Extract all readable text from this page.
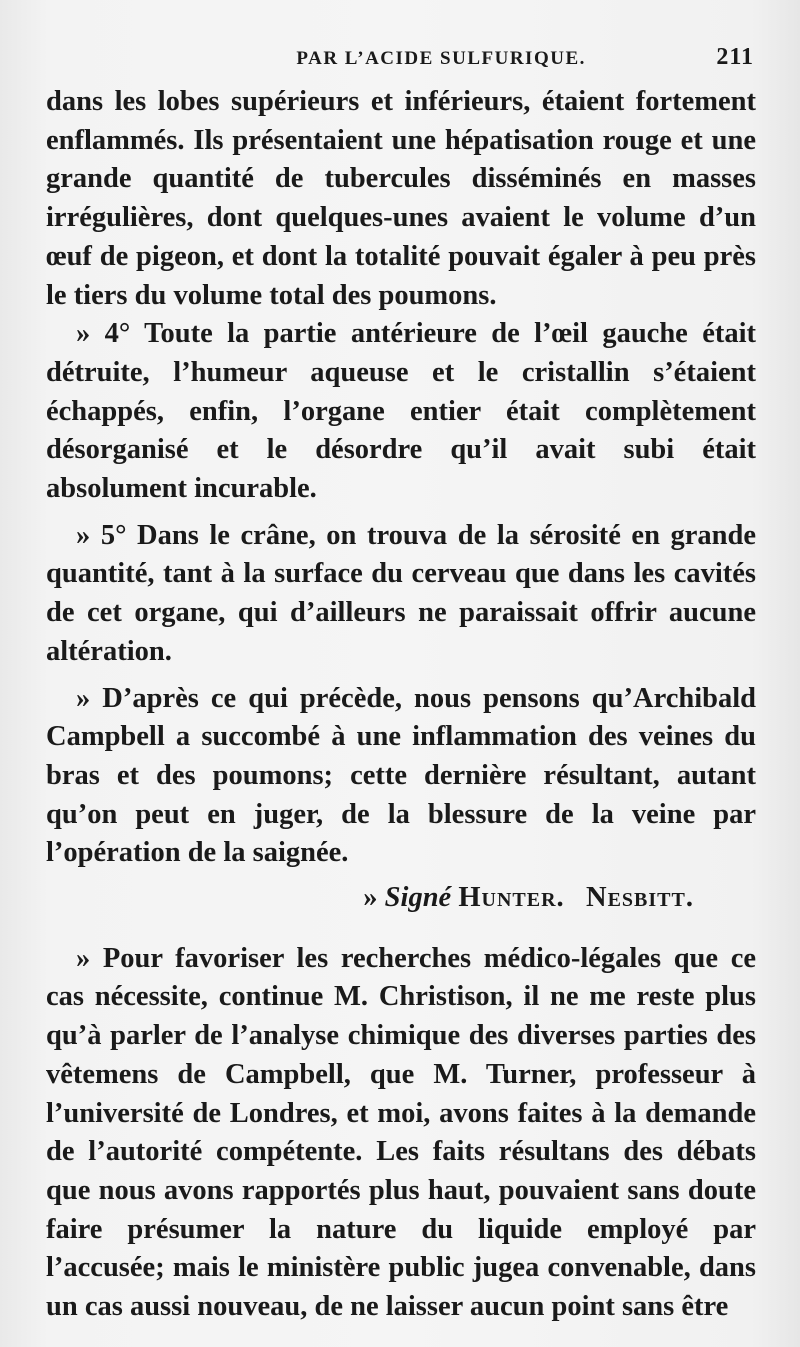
PAR L’ACIDE SULFURIQUE.	211

dans les lobes supérieurs et inférieurs, étaient fortement enflammés. Ils présentaient une hépatisation rouge et une grande quantité de tubercules disséminés en masses irrégulières, dont quelques-unes avaient le volume d’un œuf de pigeon, et dont la totalité pouvait égaler à peu près le tiers du volume total des poumons.

» 4° Toute la partie antérieure de l’œil gauche était détruite, l’humeur aqueuse et le cristallin s’étaient échappés, enfin, l’organe entier était complètement désorganisé et le désordre qu’il avait subi était absolument incurable.

» 5° Dans le crâne, on trouva de la sérosité en grande quantité, tant à la surface du cerveau que dans les cavités de cet organe, qui d’ailleurs ne paraissait offrir aucune altération.

» D’après ce qui précède, nous pensons qu’Archibald Campbell a succombé à une inflammation des veines du bras et des poumons; cette dernière résultant, autant qu’on peut en juger, de la blessure de la veine par l’opération de la saignée.

» Signé Hunter. Nesbitt.

» Pour favoriser les recherches médico-légales que ce cas nécessite, continue M. Christison, il ne me reste plus qu’à parler de l’analyse chimique des diverses parties des vêtemens de Campbell, que M. Turner, professeur à l’université de Londres, et moi, avons faites à la demande de l’autorité compétente. Les faits résultans des débats que nous avons rapportés plus haut, pouvaient sans doute faire présumer la nature du liquide employé par l’accusée; mais le ministère public jugea convenable, dans un cas aussi nouveau, de ne laisser aucun point sans être
